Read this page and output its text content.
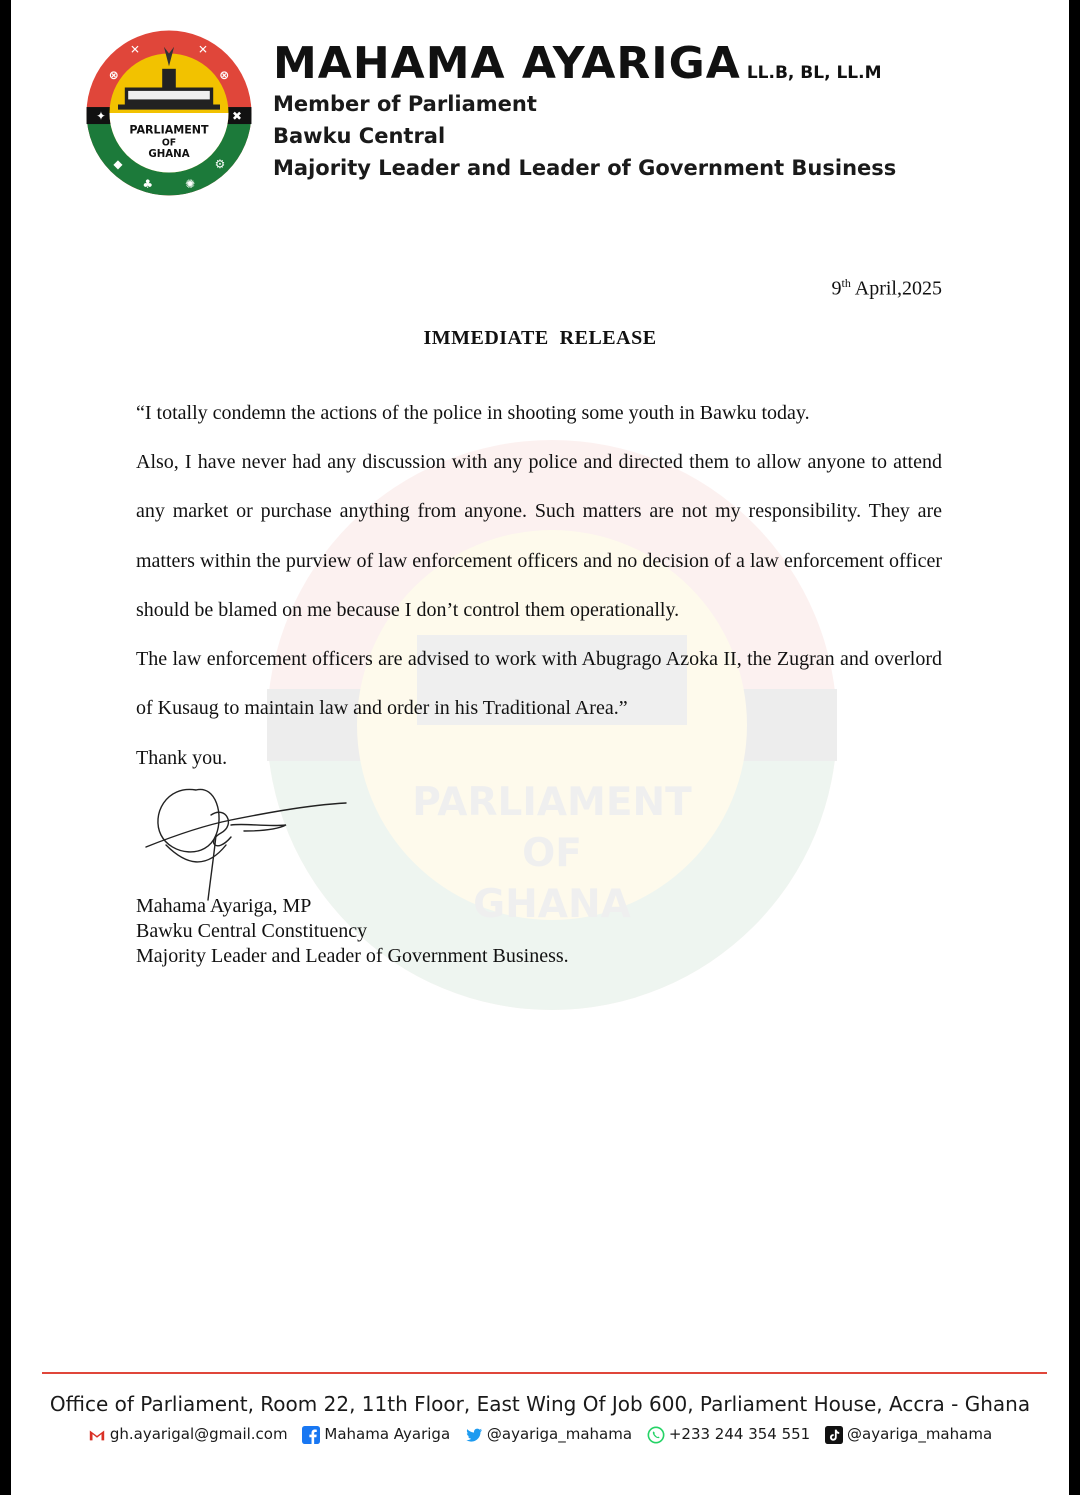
PARLIAMENT
OF
GHANA
PARLIAMENT
OF
GHANA
⊗
✕	✕
⊗
✦	✖
◆
♣ ✺
⚙
MAHAMA AYARIGA LL.B, BL, LL.M
Member of Parliament
Bawku Central
Majority Leader and Leader of Government Business
9th April,2025
IMMEDIATE  RELEASE
“I totally condemn the actions of the police in shooting some youth in Bawku today.
Also, I have never had any discussion with any police and directed them to allow anyone to attend any market or purchase anything from anyone. Such matters are not my responsibility. They are matters within the purview of law enforcement officers and no decision of a law enforcement officer should be blamed on me because I don’t control them operationally.
The law enforcement officers are advised to work with Abugrago Azoka II, the Zugran and overlord of Kusaug to maintain law and order in his Traditional Area.”
Thank you.
Mahama Ayariga, MP
Bawku Central Constituency
Majority Leader and Leader of Government Business.
Office of Parliament, Room 22, 11th Floor, East Wing Of Job 600, Parliament House, Accra - Ghana
gh.ayarigal@gmail.com Mahama Ayariga @ayariga_mahama +233 244 354 551 @ayariga_mahama
